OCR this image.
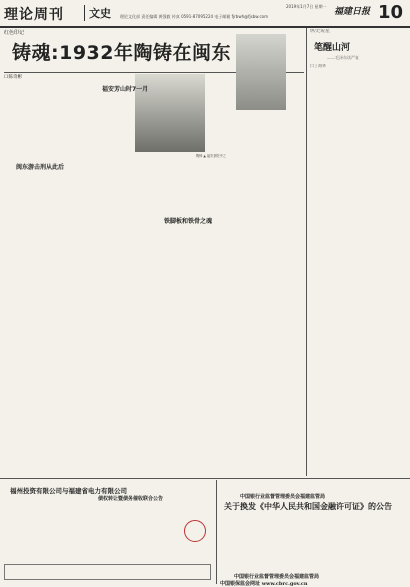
理论周刊	文史 理论文化部 责任编辑 黄强毅 传真 0591-87095224 电子邮箱 fjrbwh@fjsbw.com
2019年1月7日 星期一
福建日报 10
红色印记
铸魂:1932年陶铸在闽东
口陈奇彬
陶铸 ▲ 福安茶陀中之
闽东游击刑从此后
福安芳山时7一月
铁脚板和铁骨之魂
纵史说星
笔醒山河
——毛泽东读严复
口丁海华
福州投资有限公司与福建省电力有限公司
债权转让暨债务催收联合公告	中国银行业监督管理委员会福建监管局
关于换发《中华人民共和国金融许可证》的公告
中国银行业监督管理委员会福建监管局
中国银保监会网址 www.cbrc.gov.cn
